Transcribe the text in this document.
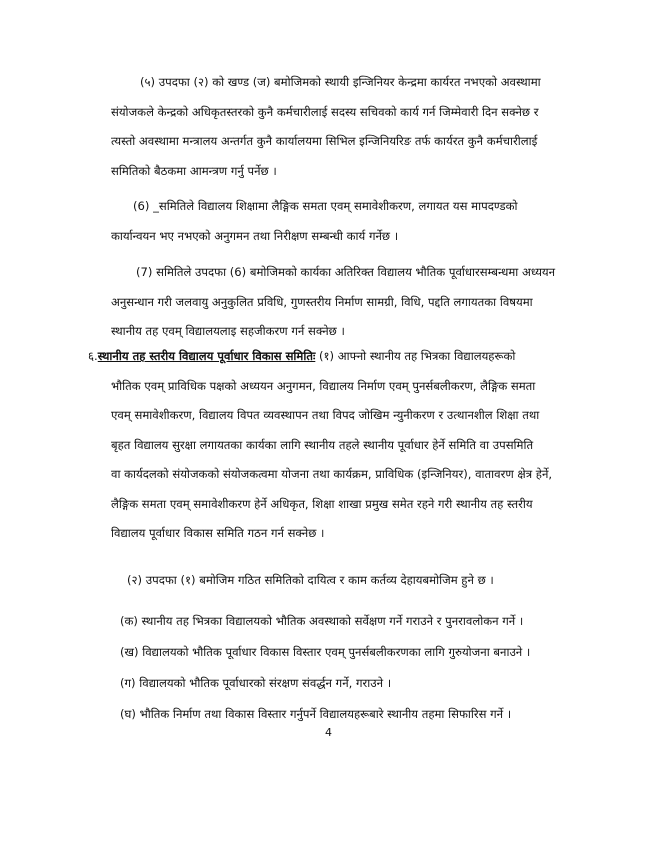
(५) उपदफा (२) को खण्ड (ज) बमोजिमको स्थायी इन्जिनियर केन्द्रमा कार्यरत नभएको अवस्थामा
संयोजकले केन्द्रको अधिकृतस्तरको कुनै कर्मचारीलाई सदस्य सचिवको कार्य गर्न जिम्मेवारी दिन सक्नेछ र
त्यस्तो अवस्थामा मन्त्रालय अन्तर्गत कुनै कार्यालयमा सिभिल इन्जिनियरिङ तर्फ कार्यरत कुनै कर्मचारीलाई
समितिको बैठकमा आमन्त्रण गर्नु पर्नेछ ।
(6) _समितिले विद्यालय शिक्षामा लैङ्गिक समता एवम् समावेशीकरण, लगायत यस मापदण्डको
कार्यान्वयन भए नभएको अनुगमन तथा निरीक्षण सम्बन्धी कार्य गर्नेछ ।
(7) समितिले उपदफा (6) बमोजिमको कार्यका अतिरिक्त विद्यालय भौतिक पूर्वाधारसम्बन्धमा अध्ययन
अनुसन्धान गरी जलवायु अनुकुलित प्रविधि, गुणस्तरीय निर्माण सामग्री, विधि, पद्दति लगायतका विषयमा
स्थानीय तह एवम् विद्यालयलाइ सहजीकरण गर्न सक्नेछ ।
६.स्थानीय तह स्तरीय विद्यालय पूर्वाधार विकास समितिः (१) आफ्नो स्थानीय तह भित्रका विद्यालयहरूको
भौतिक एवम् प्राविधिक पक्षको अध्ययन अनुगमन, विद्यालय निर्माण एवम् पुनर्सबलीकरण, लैङ्गिक समता
एवम् समावेशीकरण, विद्यालय विपत व्यवस्थापन तथा विपद जोखिम न्युनीकरण र उत्थानशील शिक्षा तथा
बृहत विद्यालय सुरक्षा लगायतका कार्यका लागि स्थानीय तहले स्थानीय पूर्वाधार हेर्ने समिति वा उपसमिति
वा कार्यदलको संयोजकको संयोजकत्वमा योजना तथा कार्यक्रम, प्राविधिक (इन्जिनियर), वातावरण क्षेत्र हेर्ने,
लैङ्गिक समता एवम् समावेशीकरण हेर्ने अधिकृत, शिक्षा शाखा प्रमुख समेत रहने गरी स्थानीय तह स्तरीय
विद्यालय पूर्वाधार विकास समिति गठन गर्न सक्नेछ ।
(२) उपदफा (१) बमोजिम गठित समितिको दायित्व र काम कर्तव्य देहायबमोजिम हुने छ ।
(क) स्थानीय तह भित्रका विद्यालयको भौतिक अवस्थाको सर्वेक्षण गर्ने गराउने र पुनरावलोकन गर्ने ।
(ख) विद्यालयको भौतिक पूर्वाधार विकास विस्तार एवम् पुनर्सबलीकरणका लागि गुरुयोजना बनाउने ।
(ग) विद्यालयको भौतिक पूर्वाधारको संरक्षण संवर्द्धन गर्ने, गराउने ।
(घ) भौतिक निर्माण तथा विकास विस्तार गर्नुपर्ने विद्यालयहरूबारे स्थानीय तहमा सिफारिस गर्ने ।
4
